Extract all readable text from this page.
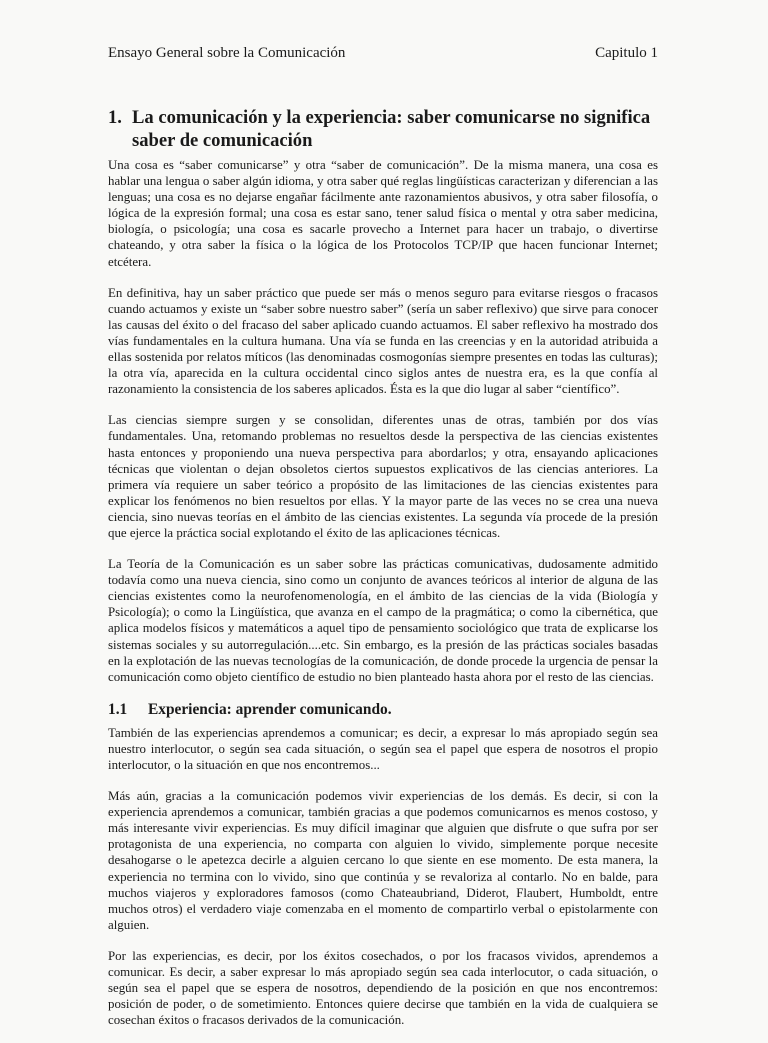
Ensayo General sobre la Comunicación	Capitulo 1
1. La comunicación y la experiencia: saber comunicarse no significa saber de comunicación

Una cosa es “saber comunicarse” y otra “saber de comunicación”. De la misma manera, una cosa es hablar una lengua o saber algún idioma, y otra saber qué reglas lingüísticas caracterizan y diferencian a las lenguas; una cosa es no dejarse engañar fácilmente ante razonamientos abusivos, y otra saber filosofía, o lógica de la expresión formal; una cosa es estar sano, tener salud física o mental y otra saber medicina, biología, o psicología; una cosa es sacarle provecho a Internet para hacer un trabajo, o divertirse chateando, y otra saber la física o la lógica de los Protocolos TCP/IP que hacen funcionar Internet; etcétera.

En definitiva, hay un saber práctico que puede ser más o menos seguro para evitarse riesgos o fracasos cuando actuamos y existe un “saber sobre nuestro saber” (sería un saber reflexivo) que sirve para conocer las causas del éxito o del fracaso del saber aplicado cuando actuamos. El saber reflexivo ha mostrado dos vías fundamentales en la cultura humana. Una vía se funda en las creencias y en la autoridad atribuida a ellas sostenida por relatos míticos (las denominadas cosmogonías siempre presentes en todas las culturas); la otra vía, aparecida en la cultura occidental cinco siglos antes de nuestra era, es la que confía al razonamiento la consistencia de los saberes aplicados. Ésta es la que dio lugar al saber “científico”.

Las ciencias siempre surgen y se consolidan, diferentes unas de otras, también por dos vías fundamentales. Una, retomando problemas no resueltos desde la perspectiva de las ciencias existentes hasta entonces y proponiendo una nueva perspectiva para abordarlos; y otra, ensayando aplicaciones técnicas que violentan o dejan obsoletos ciertos supuestos explicativos de las ciencias anteriores. La primera vía requiere un saber teórico a propósito de las limitaciones de las ciencias existentes para explicar los fenómenos no bien resueltos por ellas. Y la mayor parte de las veces no se crea una nueva ciencia, sino nuevas teorías en el ámbito de las ciencias existentes. La segunda vía procede de la presión que ejerce la práctica social explotando el éxito de las aplicaciones técnicas.

La Teoría de la Comunicación es un saber sobre las prácticas comunicativas, dudosamente admitido todavía como una nueva ciencia, sino como un conjunto de avances teóricos al interior de alguna de las ciencias existentes como la neurofenomenología, en el ámbito de las ciencias de la vida (Biología y Psicología); o como la Lingüística, que avanza en el campo de la pragmática; o como la cibernética, que aplica modelos físicos y matemáticos a aquel tipo de pensamiento sociológico que trata de explicarse los sistemas sociales y su autorregulación....etc. Sin embargo, es la presión de las prácticas sociales basadas en la explotación de las nuevas tecnologías de la comunicación, de donde procede la urgencia de pensar la comunicación como objeto científico de estudio no bien planteado hasta ahora por el resto de las ciencias.

1.1	Experiencia: aprender comunicando.

También de las experiencias aprendemos a comunicar; es decir, a expresar lo más apropiado según sea nuestro interlocutor, o según sea cada situación, o según sea el papel que espera de nosotros el propio interlocutor, o la situación en que nos encontremos...

Más aún, gracias a la comunicación podemos vivir experiencias de los demás. Es decir, si con la experiencia aprendemos a comunicar, también gracias a que podemos comunicarnos es menos costoso, y más interesante vivir experiencias. Es muy difícil imaginar que alguien que disfrute o que sufra por ser protagonista de una experiencia, no comparta con alguien lo vivido, simplemente porque necesite desahogarse o le apetezca decirle a alguien cercano lo que siente en ese momento. De esta manera, la experiencia no termina con lo vivido, sino que continúa y se revaloriza al contarlo. No en balde, para muchos viajeros y exploradores famosos (como Chateaubriand, Diderot, Flaubert, Humboldt, entre muchos otros) el verdadero viaje comenzaba en el momento de compartirlo verbal o epistolarmente con alguien.

Por las experiencias, es decir, por los éxitos cosechados, o por los fracasos vividos, aprendemos a comunicar. Es decir, a saber expresar lo más apropiado según sea cada interlocutor, o cada situación, o según sea el papel que se espera de nosotros, dependiendo de la posición en que nos encontremos: posición de poder, o de sometimiento. Entonces quiere decirse que también en la vida de cualquiera se cosechan éxitos o fracasos derivados de la comunicación.
